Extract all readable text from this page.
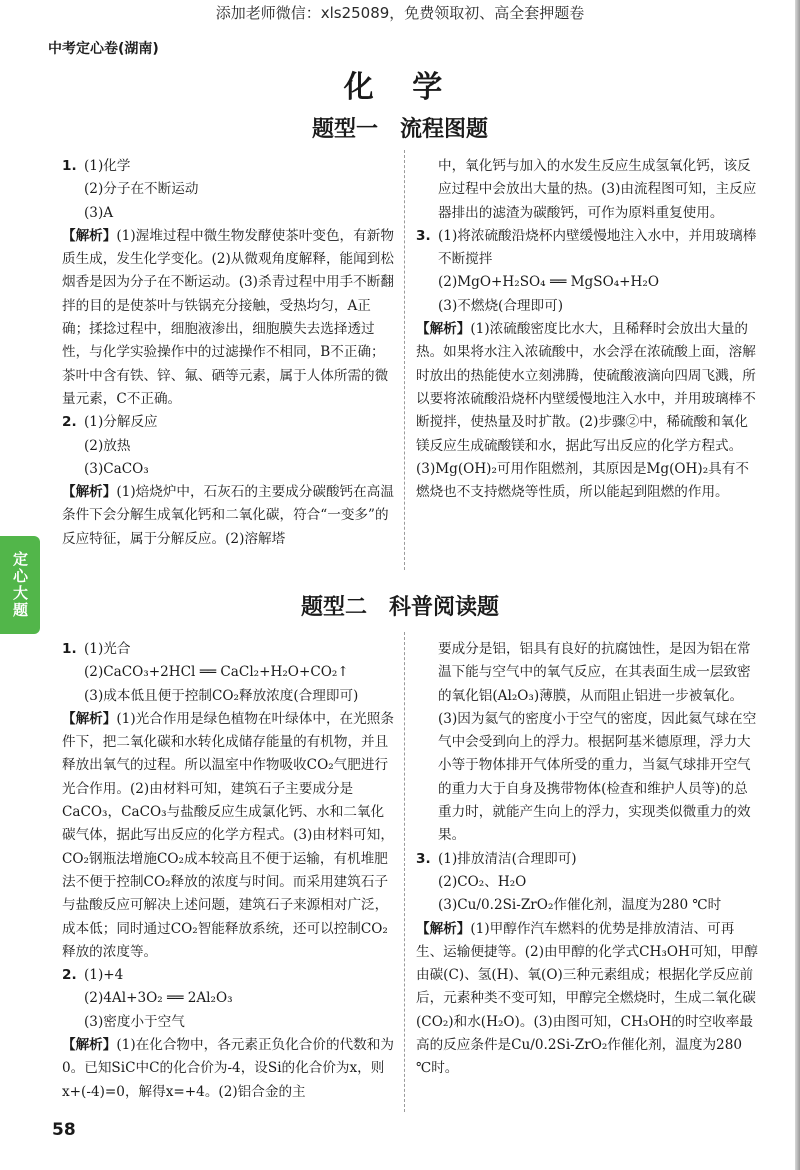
添加老师微信：xls25089，免费领取初、高全套押题卷
中考定心卷(湖南)
化 学
题型一　流程图题

1. (1)化学

(2)分子在不断运动

(3)A

【解析】(1)渥堆过程中微生物发酵使茶叶变色，有新物质生成，发生化学变化。(2)从微观角度解释，能闻到松烟香是因为分子在不断运动。(3)杀青过程中用手不断翻拌的目的是使茶叶与铁锅充分接触，受热均匀，A正确；揉捻过程中，细胞液渗出，细胞膜失去选择透过性，与化学实验操作中的过滤操作不相同，B不正确；茶叶中含有铁、锌、氟、硒等元素，属于人体所需的微量元素，C不正确。

2. (1)分解反应

(2)放热

(3)CaCO₃

【解析】(1)焙烧炉中，石灰石的主要成分碳酸钙在高温条件下会分解生成氧化钙和二氧化碳，符合“一变多”的反应特征，属于分解反应。(2)溶解塔

中，氧化钙与加入的水发生反应生成氢氧化钙，该反应过程中会放出大量的热。(3)由流程图可知，主反应器排出的滤渣为碳酸钙，可作为原料重复使用。

3. (1)将浓硫酸沿烧杯内壁缓慢地注入水中，并用玻璃棒不断搅拌

(2)MgO+H₂SO₄ ══ MgSO₄+H₂O

(3)不燃烧(合理即可)

【解析】(1)浓硫酸密度比水大，且稀释时会放出大量的热。如果将水注入浓硫酸中，水会浮在浓硫酸上面，溶解时放出的热能使水立刻沸腾，使硫酸液滴向四周飞溅，所以要将浓硫酸沿烧杯内壁缓慢地注入水中，并用玻璃棒不断搅拌，使热量及时扩散。(2)步骤②中，稀硫酸和氧化镁反应生成硫酸镁和水，据此写出反应的化学方程式。(3)Mg(OH)₂可用作阻燃剂，其原因是Mg(OH)₂具有不燃烧也不支持燃烧等性质，所以能起到阻燃的作用。

题型二　科普阅读题

1. (1)光合

(2)CaCO₃+2HCl ══ CaCl₂+H₂O+CO₂↑

(3)成本低且便于控制CO₂释放浓度(合理即可)

【解析】(1)光合作用是绿色植物在叶绿体中，在光照条件下，把二氧化碳和水转化成储存能量的有机物，并且释放出氧气的过程。所以温室中作物吸收CO₂气肥进行光合作用。(2)由材料可知，建筑石子主要成分是CaCO₃，CaCO₃与盐酸反应生成氯化钙、水和二氧化碳气体，据此写出反应的化学方程式。(3)由材料可知，CO₂钢瓶法增施CO₂成本较高且不便于运输，有机堆肥法不便于控制CO₂释放的浓度与时间。而采用建筑石子与盐酸反应可解决上述问题，建筑石子来源相对广泛，成本低；同时通过CO₂智能释放系统，还可以控制CO₂释放的浓度等。

2. (1)+4

(2)4Al+3O₂ ══ 2Al₂O₃

(3)密度小于空气

【解析】(1)在化合物中，各元素正负化合价的代数和为0。已知SiC中C的化合价为-4，设Si的化合价为x，则x+(-4)=0，解得x=+4。(2)铝合金的主

要成分是铝，铝具有良好的抗腐蚀性，是因为铝在常温下能与空气中的氧气反应，在其表面生成一层致密的氧化铝(Al₂O₃)薄膜，从而阻止铝进一步被氧化。(3)因为氦气的密度小于空气的密度，因此氦气球在空气中会受到向上的浮力。根据阿基米德原理，浮力大小等于物体排开气体所受的重力，当氦气球排开空气的重力大于自身及携带物体(检查和维护人员等)的总重力时，就能产生向上的浮力，实现类似微重力的效果。

3. (1)排放清洁(合理即可)

(2)CO₂、H₂O

(3)Cu/0.2Si-ZrO₂作催化剂，温度为280 ℃时

【解析】(1)甲醇作汽车燃料的优势是排放清洁、可再生、运输便捷等。(2)由甲醇的化学式CH₃OH可知，甲醇由碳(C)、氢(H)、氧(O)三种元素组成；根据化学反应前后，元素种类不变可知，甲醇完全燃烧时，生成二氧化碳(CO₂)和水(H₂O)。(3)由图可知，CH₃OH的时空收率最高的反应条件是Cu/0.2Si-ZrO₂作催化剂，温度为280 ℃时。

定心大题
58
